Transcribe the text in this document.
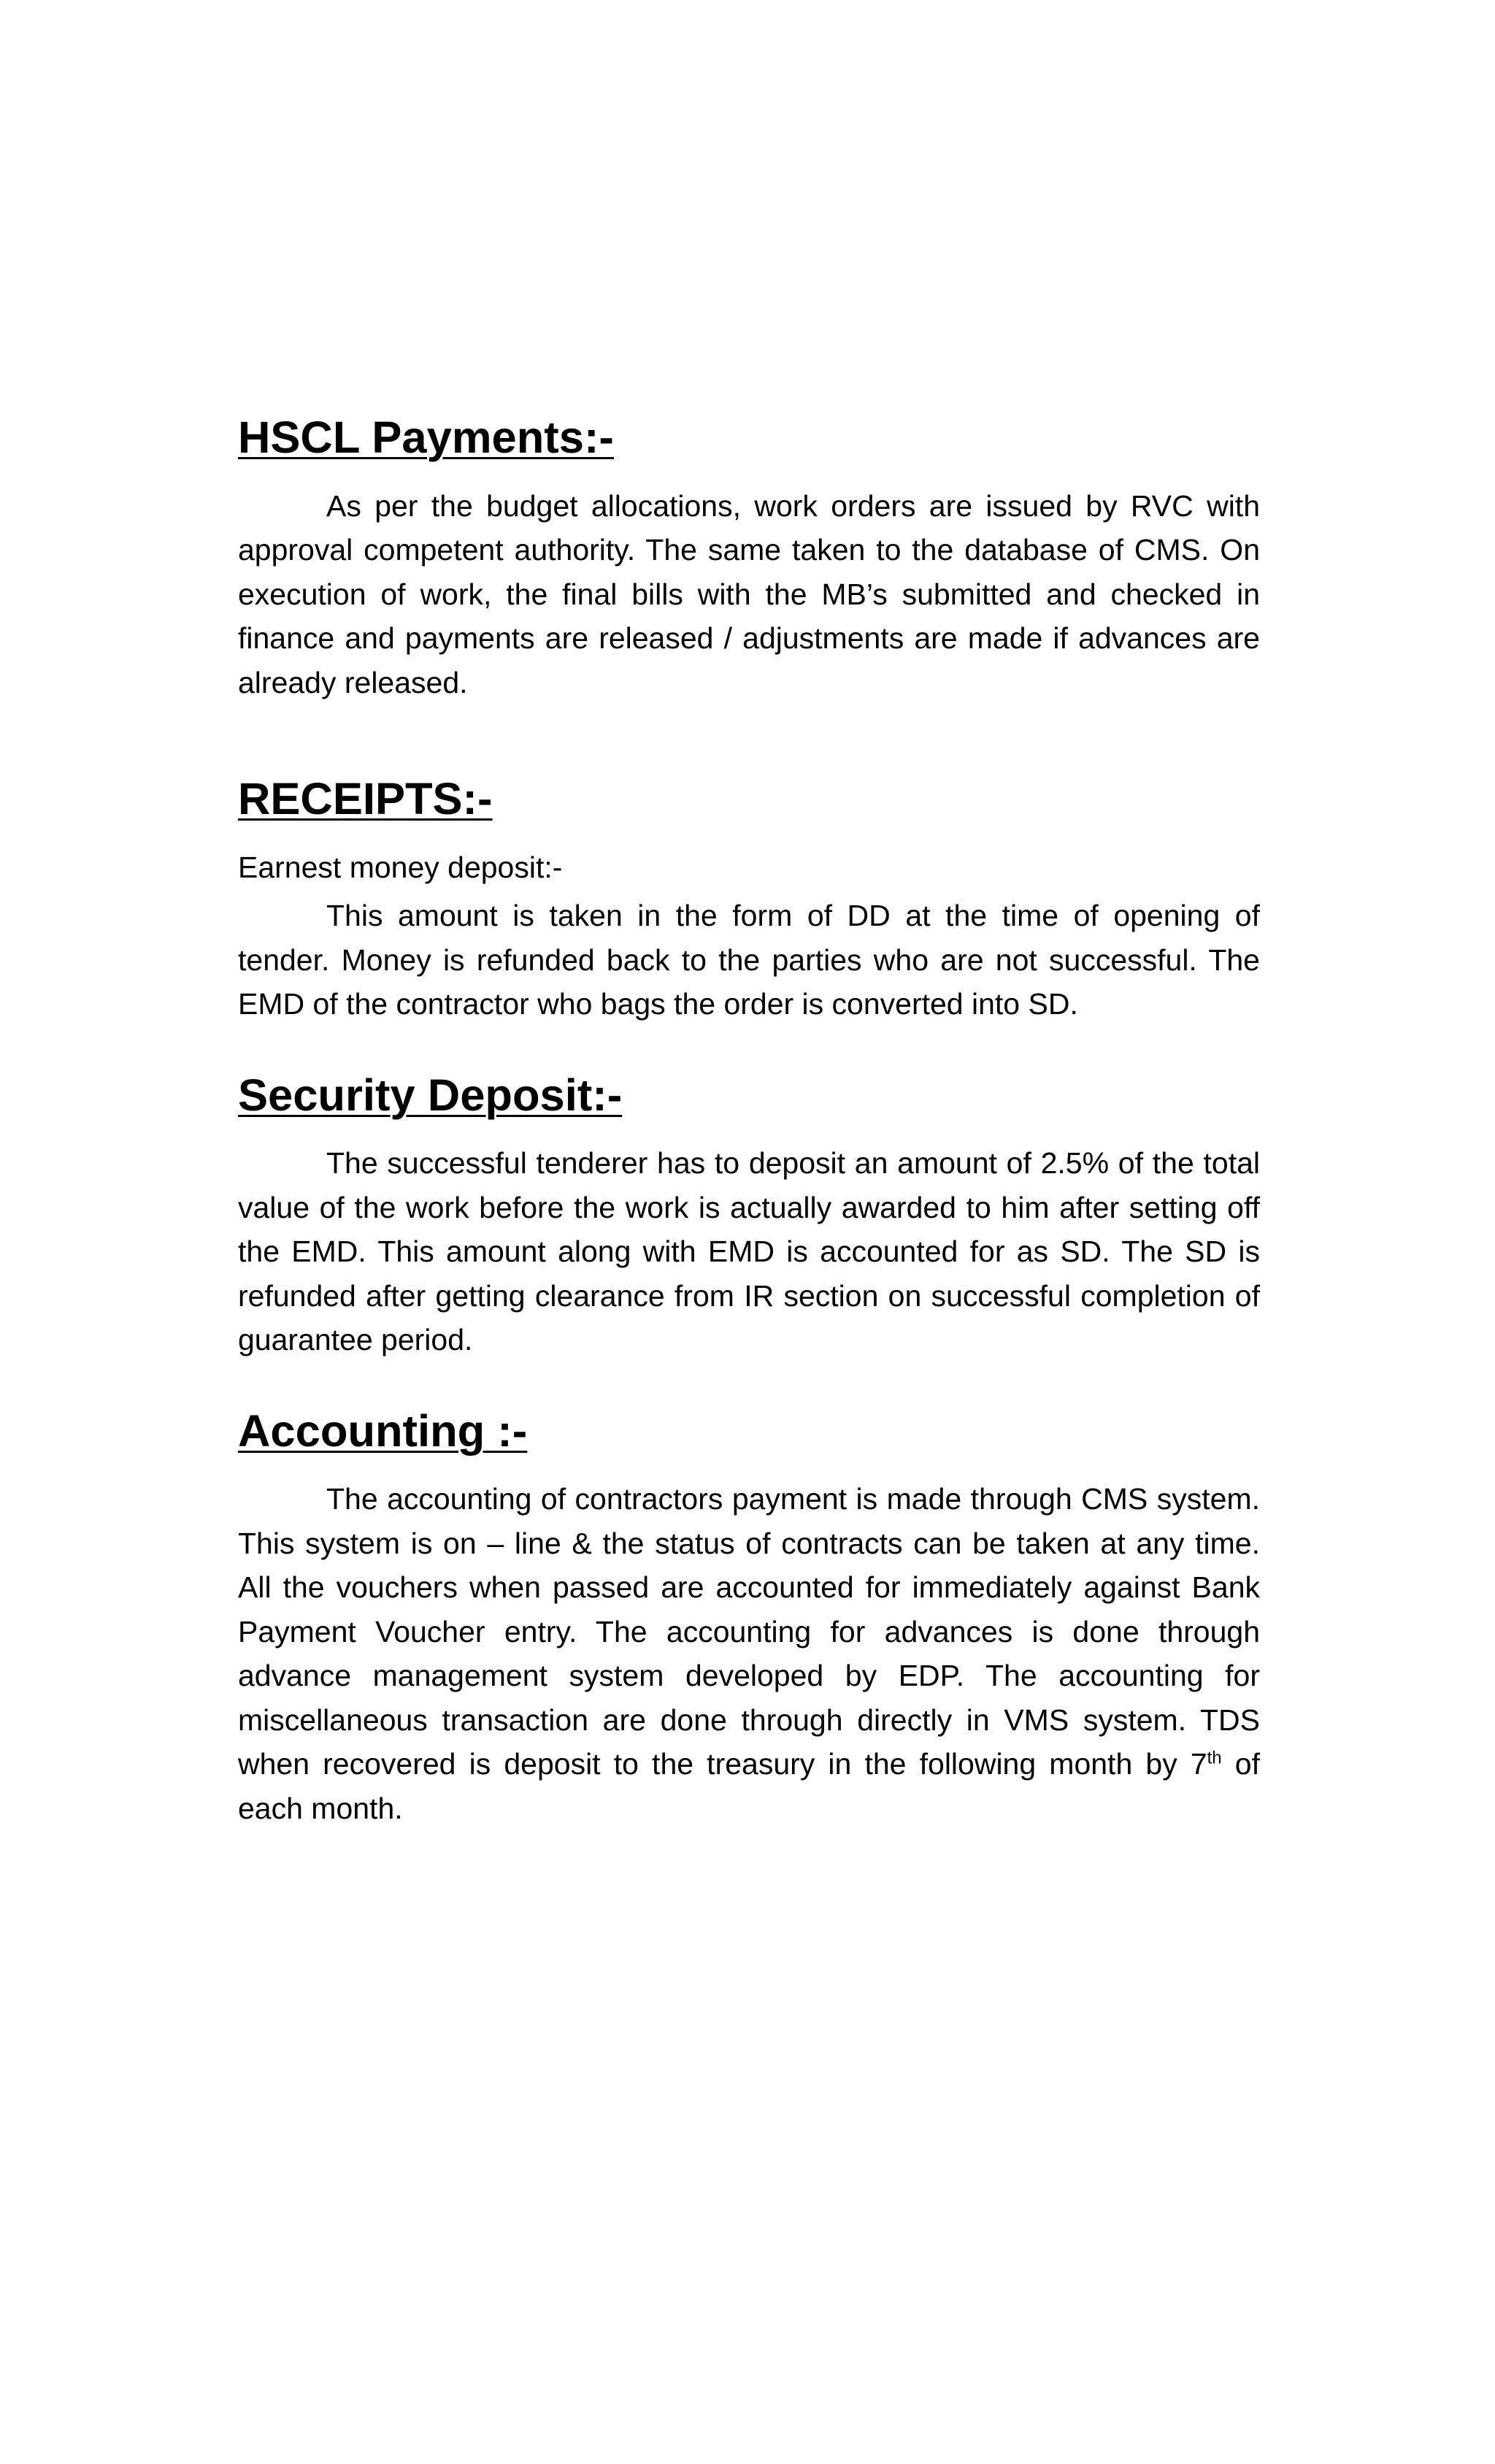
HSCL Payments:-

As per the budget allocations, work orders are issued by RVC with approval competent authority. The same taken to the database of CMS. On execution of work, the final bills with the MB’s submitted and checked in finance and payments are released / adjustments are made if advances are already released.

RECEIPTS:-

Earnest money deposit:-

This amount is taken in the form of DD at the time of opening of tender. Money is refunded back to the parties who are not successful. The EMD of the contractor who bags the order is converted into SD.

Security Deposit:-

The successful tenderer has to deposit an amount of 2.5% of the total value of the work before the work is actually awarded to him after setting off the EMD. This amount along with EMD is accounted for as SD. The SD is refunded after getting clearance from IR section on successful completion of guarantee period.

Accounting :-

The accounting of contractors payment is made through CMS system. This system is on – line & the status of contracts can be taken at any time. All the vouchers when passed are accounted for immediately against Bank Payment Voucher entry. The accounting for advances is done through advance management system developed by EDP. The accounting for miscellaneous transaction are done through directly in VMS system. TDS when recovered is deposit to the treasury in the following month by 7th of each month.
